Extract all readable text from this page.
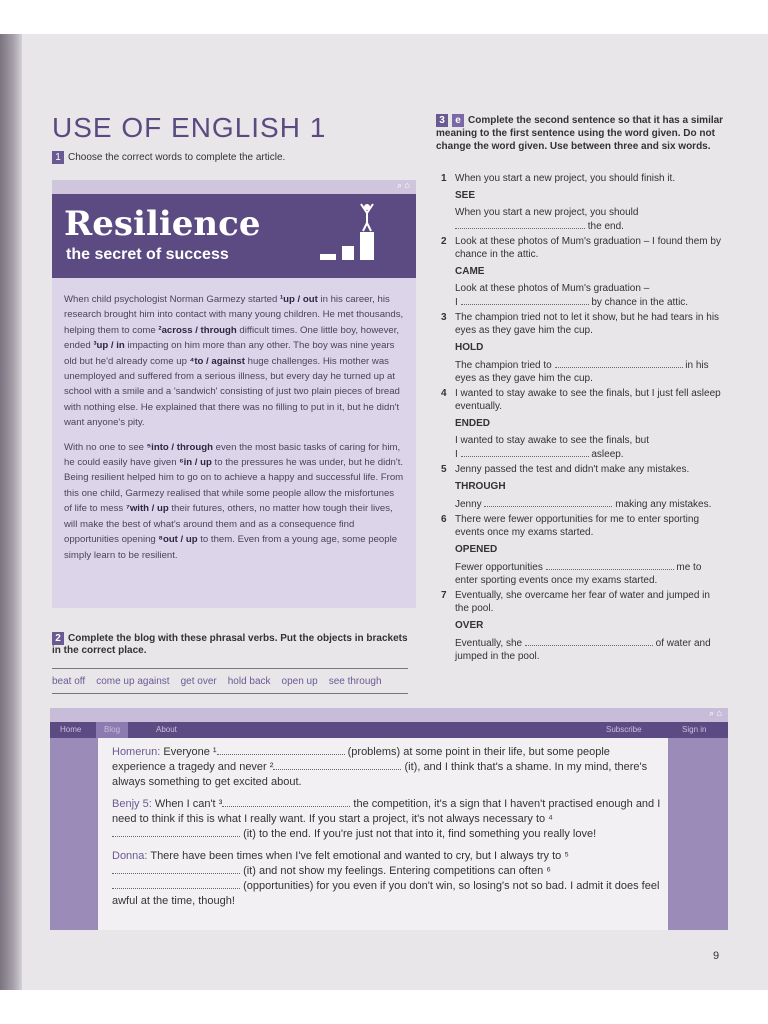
USE OF ENGLISH 1
1 Choose the correct words to complete the article.
⌕ ⌂
Resilience
the secret of success

When child psychologist Norman Garmezy started ¹up / out in his career, his research brought him into contact with many young children. He met thousands, helping them to come ²across / through difficult times. One little boy, however, ended ³up / in impacting on him more than any other. The boy was nine years old but he'd already come up ⁴to / against huge challenges. His mother was unemployed and suffered from a serious illness, but every day he turned up at school with a smile and a 'sandwich' consisting of just two plain pieces of bread with nothing else. He explained that there was no filling to put in it, but he didn't want anyone's pity.

With no one to see ⁵into / through even the most basic tasks of caring for him, he could easily have given ⁶in / up to the pressures he was under, but he didn't. Being resilient helped him to go on to achieve a happy and successful life. From this one child, Garmezy realised that while some people allow the misfortunes of life to mess ⁷with / up their futures, others, no matter how tough their lives, will make the best of what's around them and as a consequence find opportunities opening ⁸out / up to them. Even from a young age, some people simply learn to be resilient.

2 Complete the blog with these phrasal verbs. Put the objects in brackets in the correct place.
beat off come up against get over hold back open up see through
3 e Complete the second sentence so that it has a similar meaning to the first sentence using the word given. Do not change the word given. Use between three and six words.
1 When you start a new project, you should finish it.
SEE
When you start a new project, you should  the end.
2 Look at these photos of Mum's graduation – I found them by chance in the attic.
CAME
Look at these photos of Mum's graduation –
I	by chance in the attic.
3 The champion tried not to let it show, but he had tears in his eyes as they gave him the cup.
HOLD
The champion tried to	in his eyes as they gave him the cup.
4 I wanted to stay awake to see the finals, but I just fell asleep eventually.
ENDED
I wanted to stay awake to see the finals, but
I	asleep.
5 Jenny passed the test and didn't make any mistakes.
THROUGH
Jenny	making any mistakes.
6 There were fewer opportunities for me to enter sporting events once my exams started.
OPENED
Fewer opportunities	me to enter sporting events once my exams started.
7 Eventually, she overcame her fear of water and jumped in the pool.
OVER
Eventually, she	of water and jumped in the pool.
⌕ ⌂
Home	Blog	About	Subscribe	Sign in

Homerun: Everyone ¹	(problems) at some point in their life, but some people experience a tragedy and never ²	(it), and I think that's a shame. In my mind, there's always something to get excited about.

Benjy 5: When I can't ³	the competition, it's a sign that I haven't practised enough and I need to think if this is what I really want. If you start a project, it's not always necessary to ⁴ (it) to the end. If you're just not that into it, find something you really love!

Donna: There have been times when I've felt emotional and wanted to cry, but I always try to ⁵ (it) and not show my feelings. Entering competitions can often ⁶ (opportunities) for you even if you don't win, so losing's not so bad. I admit it does feel awful at the time, though!

9
